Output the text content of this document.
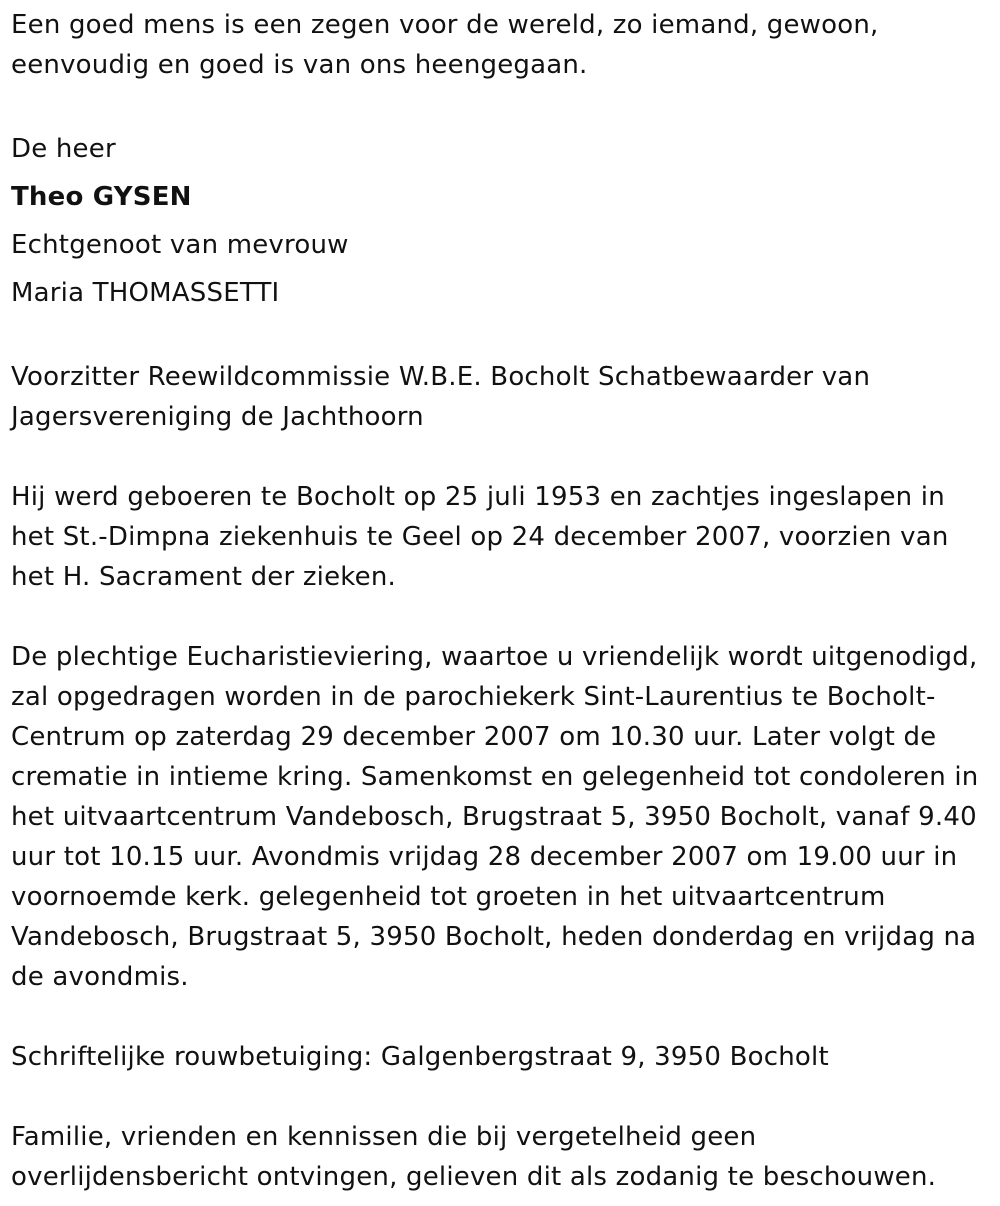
Een goed mens is een zegen voor de wereld, zo iemand, gewoon, eenvoudig en goed is van ons heengegaan.

De heer

Theo GYSEN

Echtgenoot van mevrouw

Maria THOMASSETTI

Voorzitter Reewildcommissie W.B.E. Bocholt Schatbewaarder van Jagersvereniging de Jachthoorn

Hij werd geboeren te Bocholt op 25 juli 1953 en zachtjes ingeslapen in het St.-Dimpna ziekenhuis te Geel op 24 december 2007, voorzien van het H. Sacrament der zieken.

De plechtige Eucharistieviering, waartoe u vriendelijk wordt uitgenodigd, zal opgedragen worden in de parochiekerk Sint-Laurentius te Bocholt-Centrum op zaterdag 29 december 2007 om 10.30 uur. Later volgt de crematie in intieme kring. Samenkomst en gelegenheid tot condoleren in het uitvaartcentrum Vandebosch, Brugstraat 5, 3950 Bocholt, vanaf 9.40 uur tot 10.15 uur. Avondmis vrijdag 28 december 2007 om 19.00 uur in voornoemde kerk. gelegenheid tot groeten in het uitvaartcentrum Vandebosch, Brugstraat 5, 3950 Bocholt, heden donderdag en vrijdag na de avondmis.

Schriftelijke rouwbetuiging: Galgenbergstraat 9, 3950 Bocholt

Familie, vrienden en kennissen die bij vergetelheid geen overlijdensbericht ontvingen, gelieven dit als zodanig te beschouwen.
